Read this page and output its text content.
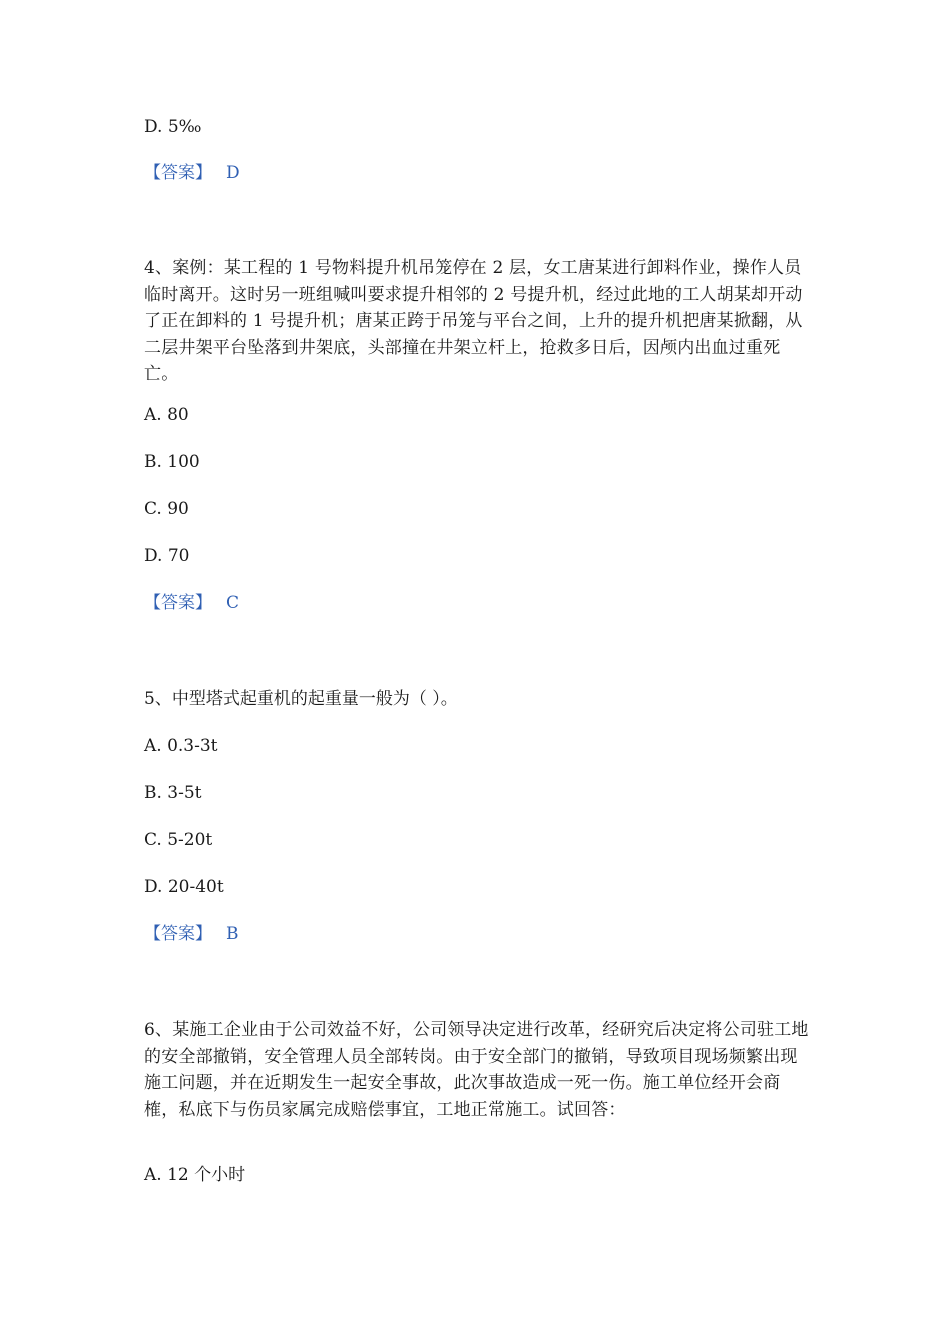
D. 5‰
【答案】 D
4、案例：某工程的 1 号物料提升机吊笼停在 2 层，女工唐某进行卸料作业，操作人员临时离开。这时另一班组喊叫要求提升相邻的 2 号提升机，经过此地的工人胡某却开动了正在卸料的 1 号提升机；唐某正跨于吊笼与平台之间，上升的提升机把唐某掀翻，从二层井架平台坠落到井架底，头部撞在井架立杆上，抢救多日后，因颅内出血过重死亡。
A. 80
B. 100
C. 90
D. 70
【答案】 C
5、中型塔式起重机的起重量一般为（ ）。
A. 0.3-3t
B. 3-5t
C. 5-20t
D. 20-40t
【答案】 B
6、某施工企业由于公司效益不好，公司领导决定进行改革，经研究后决定将公司驻工地的安全部撤销，安全管理人员全部转岗。由于安全部门的撤销，导致项目现场频繁出现施工问题，并在近期发生一起安全事故，此次事故造成一死一伤。施工单位经开会商榷，私底下与伤员家属完成赔偿事宜，工地正常施工。试回答：
A. 12 个小时
